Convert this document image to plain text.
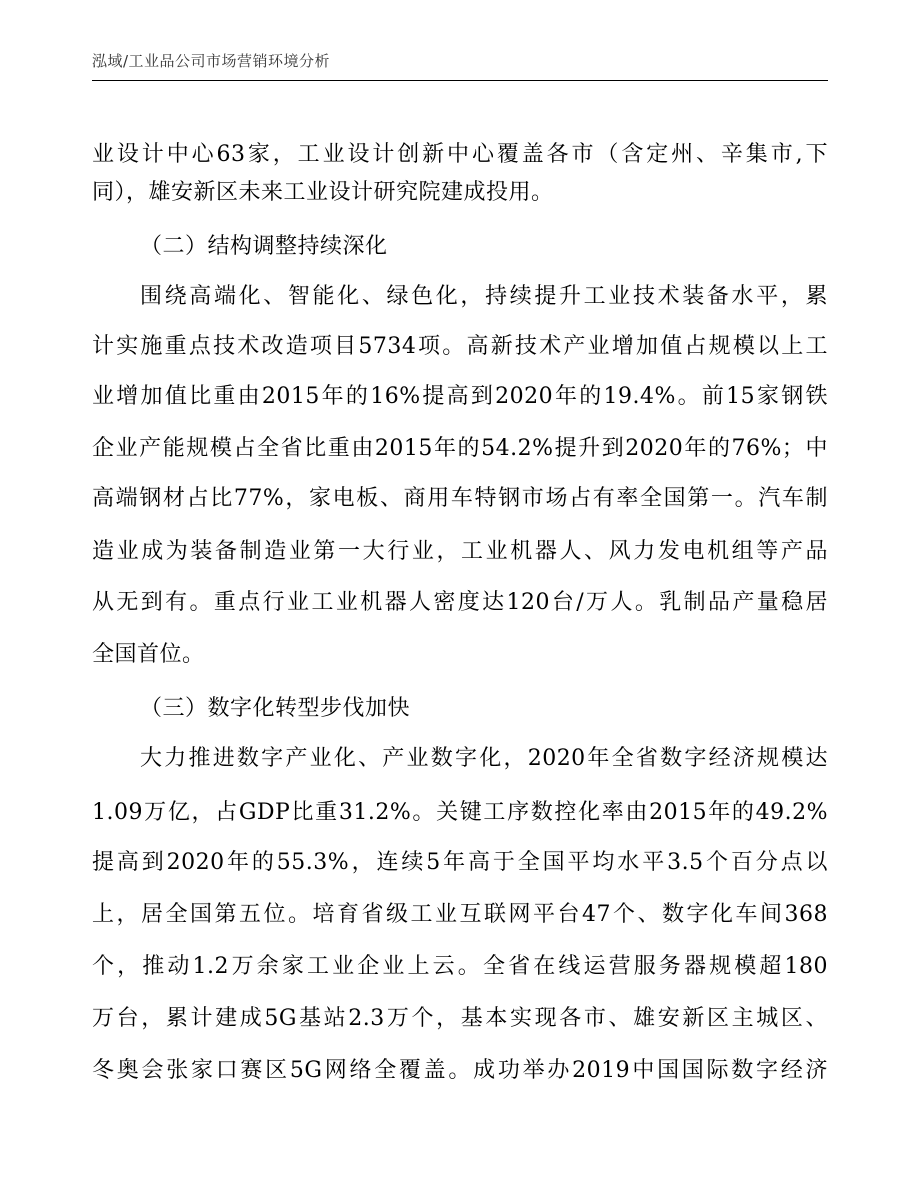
泓域/工业品公司市场营销环境分析
业设计中心63家，工业设计创新中心覆盖各市（含定州、辛集市,下
同），雄安新区未来工业设计研究院建成投用。
（二）结构调整持续深化
围绕高端化、智能化、绿色化，持续提升工业技术装备水平，累
计实施重点技术改造项目5734项。高新技术产业增加值占规模以上工
业增加值比重由2015年的16%提高到2020年的19.4%。前15家钢铁
企业产能规模占全省比重由2015年的54.2%提升到2020年的76%；中
高端钢材占比77%，家电板、商用车特钢市场占有率全国第一。汽车制
造业成为装备制造业第一大行业，工业机器人、风力发电机组等产品
从无到有。重点行业工业机器人密度达120台/万人。乳制品产量稳居
全国首位。
（三）数字化转型步伐加快
大力推进数字产业化、产业数字化，2020年全省数字经济规模达
1.09万亿，占GDP比重31.2%。关键工序数控化率由2015年的49.2%
提高到2020年的55.3%，连续5年高于全国平均水平3.5个百分点以
上，居全国第五位。培育省级工业互联网平台47个、数字化车间368
个，推动1.2万余家工业企业上云。全省在线运营服务器规模超180
万台，累计建成5G基站2.3万个，基本实现各市、雄安新区主城区、
冬奥会张家口赛区5G网络全覆盖。成功举办2019中国国际数字经济
